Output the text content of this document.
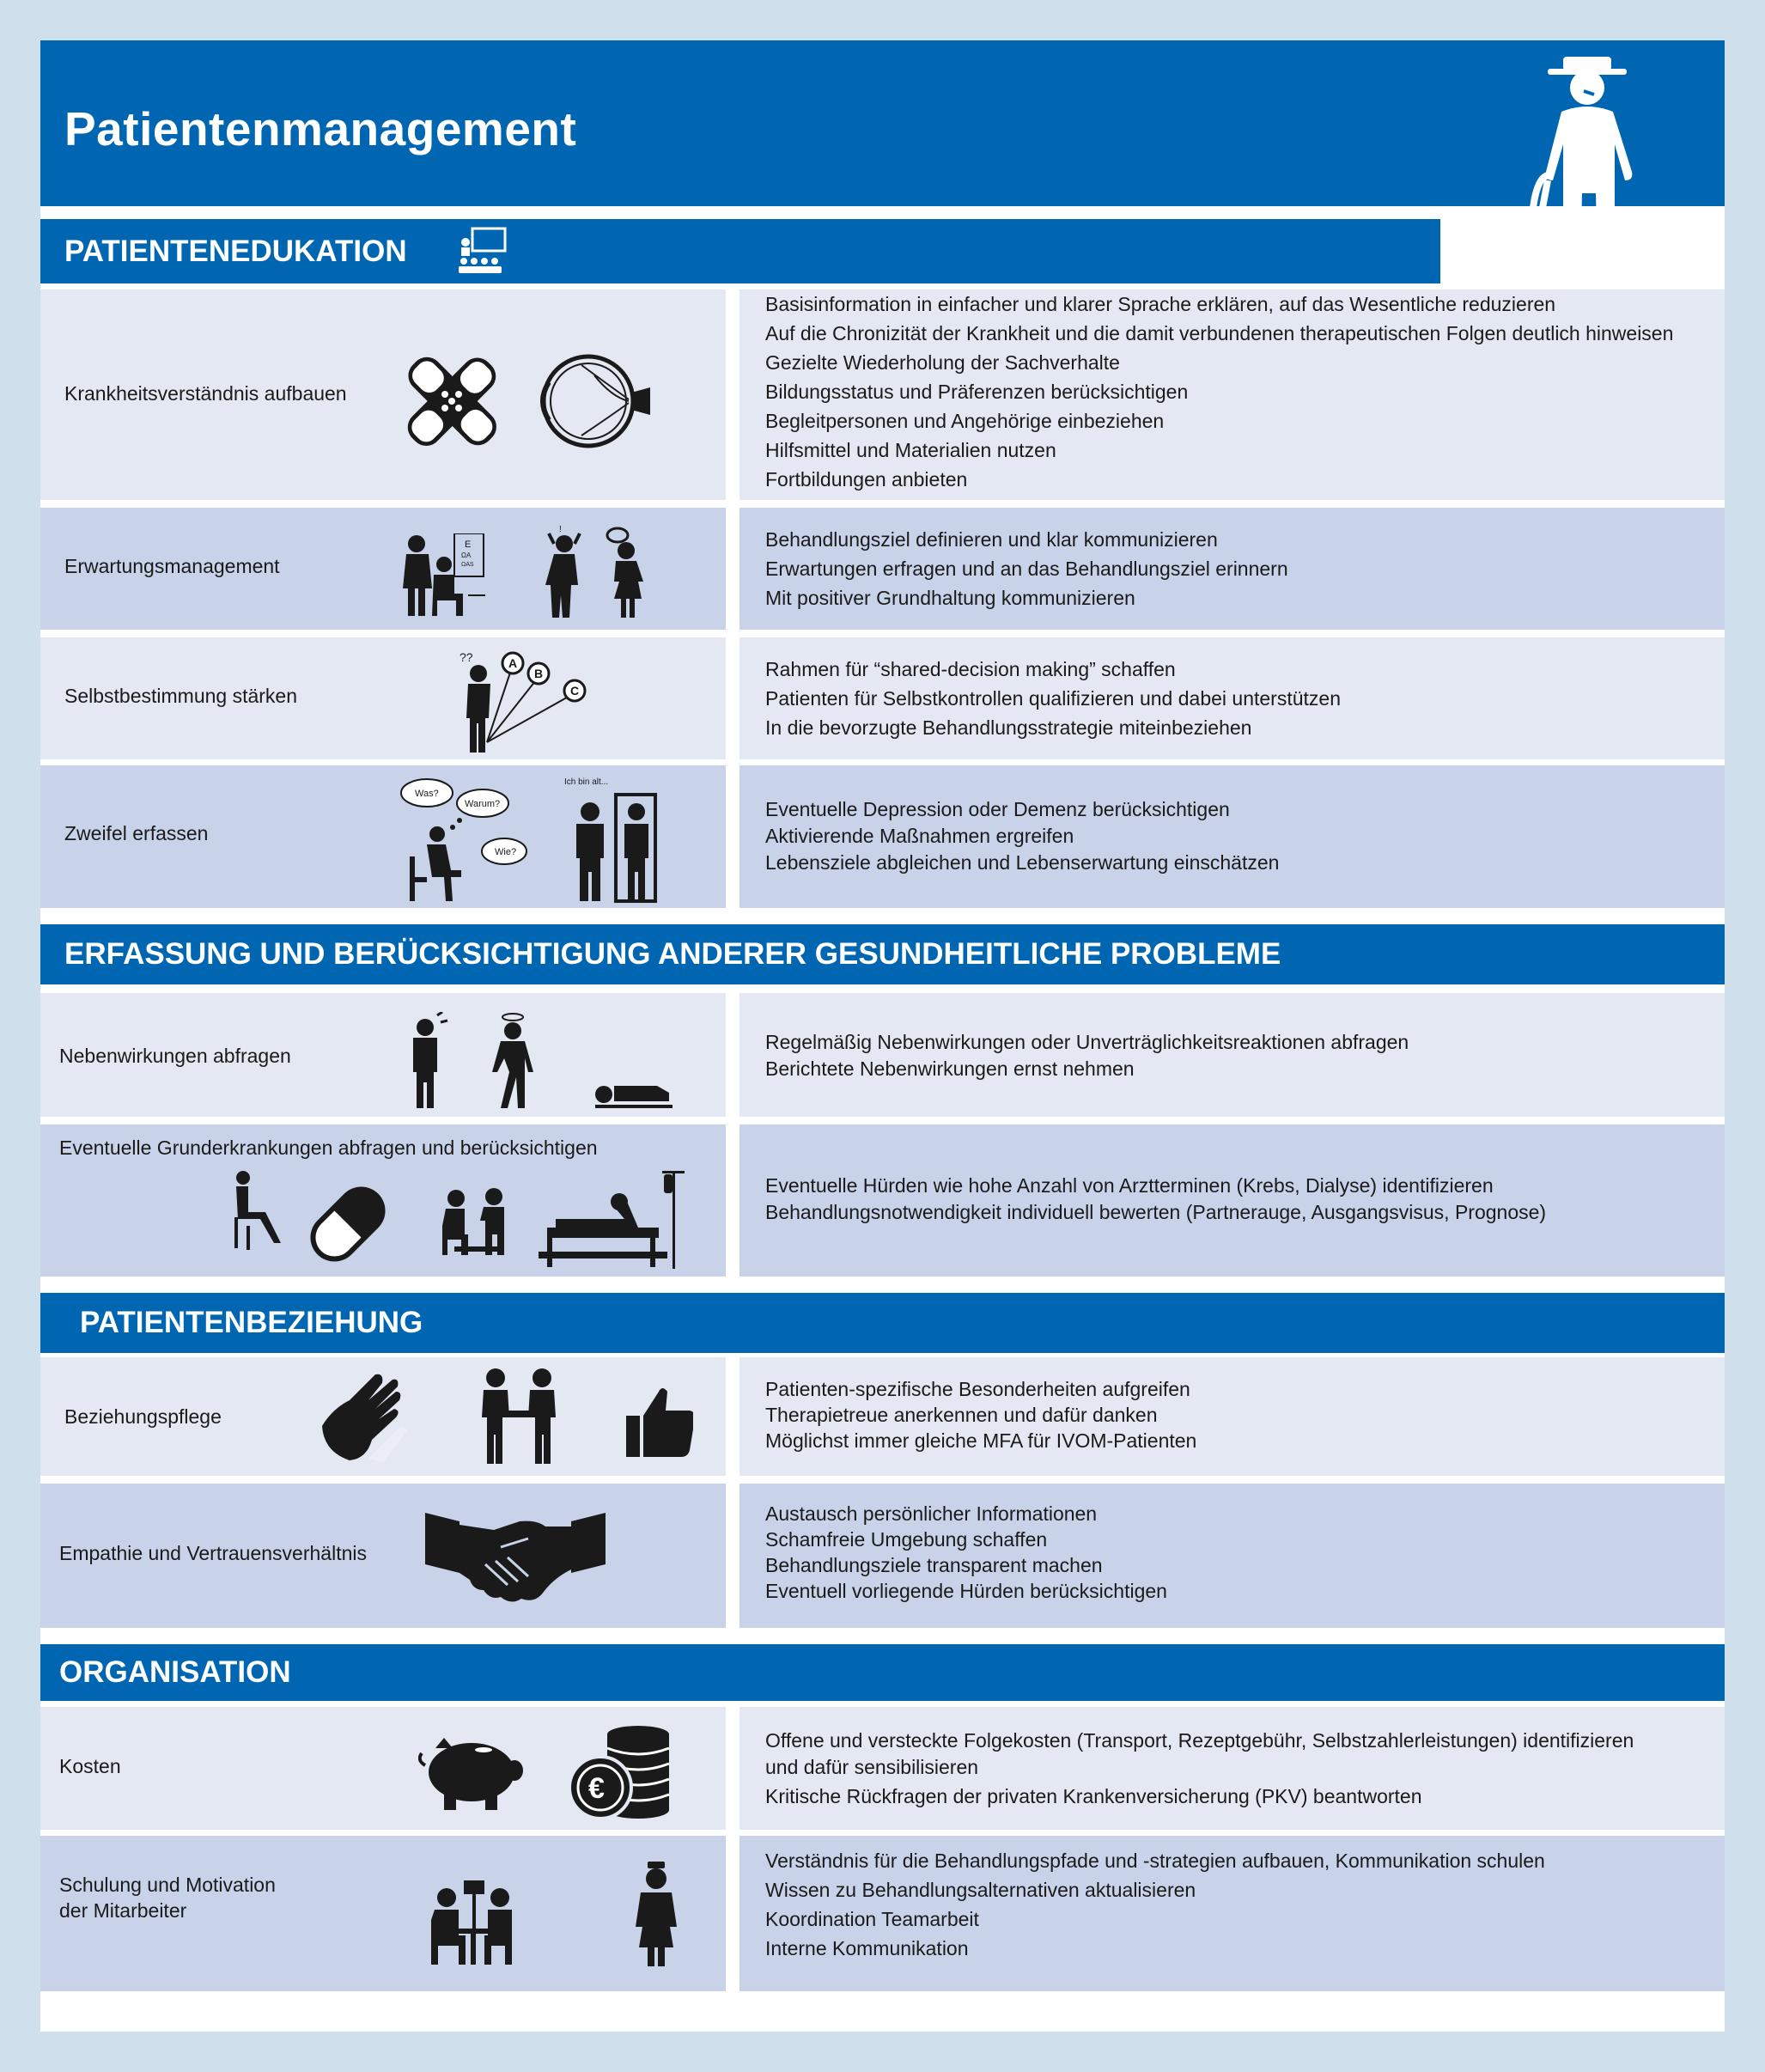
Patientenmanagement
PATIENTENEDUKATION
Krankheitsverständnis aufbauen
Basisinformation in einfacher und klarer Sprache erklären, auf das Wesentliche reduzieren
Auf die Chronizität der Krankheit und die damit verbundenen therapeutischen Folgen deutlich hinweisen
Gezielte Wiederholung der Sachverhalte
Bildungsstatus und Präferenzen berücksichtigen
Begleitpersonen und Angehörige einbeziehen
Hilfsmittel und Materialien nutzen
Fortbildungen anbieten
Erwartungsmanagement
E
ΩA
ΩAS
!	Behandlungsziel definieren und klar kommunizieren
Erwartungen erfragen und an das Behandlungsziel erinnern
Mit positiver Grundhaltung kommunizieren
Selbstbestimmung stärken
??	A
B
C
Rahmen für “shared-decision making” schaffen
Patienten für Selbstkontrollen qualifizieren und dabei unterstützen
In die bevorzugte Behandlungsstrategie miteinbeziehen
Zweifel erfassen
Was?
Warum?
Wie?
Ich bin alt...
Eventuelle Depression oder Demenz berücksichtigen
Aktivierende Maßnahmen ergreifen
Lebensziele abgleichen und Lebenserwartung einschätzen
ERFASSUNG UND BERÜCKSICHTIGUNG ANDERER GESUNDHEITLICHE PROBLEME
Nebenwirkungen abfragen
Regelmäßig Nebenwirkungen oder Unverträglichkeitsreaktionen abfragen
Berichtete Nebenwirkungen ernst nehmen
Eventuelle Grunderkrankungen abfragen und berücksichtigen
Eventuelle Hürden wie hohe Anzahl von Arztterminen (Krebs, Dialyse) identifizieren
Behandlungsnotwendigkeit individuell bewerten (Partnerauge, Ausgangsvisus, Prognose)
PATIENTENBEZIEHUNG
Beziehungspflege
Patienten-spezifische Besonderheiten aufgreifen
Therapietreue anerkennen und dafür danken
Möglichst immer gleiche MFA für IVOM-Patienten
Empathie und Vertrauensverhältnis
Austausch persönlicher Informationen
Schamfreie Umgebung schaffen
Behandlungsziele transparent machen
Eventuell vorliegende Hürden berücksichtigen
ORGANISATION
Kosten
€
Offene und versteckte Folgekosten (Transport, Rezeptgebühr, Selbstzahlerleistungen) identifizieren
und dafür sensibilisieren
Kritische Rückfragen der privaten Krankenversicherung (PKV) beantworten
Schulung und Motivation
der Mitarbeiter
Verständnis für die Behandlungspfade und -strategien aufbauen, Kommunikation schulen
Wissen zu Behandlungsalternativen aktualisieren
Koordination Teamarbeit
Interne Kommunikation
